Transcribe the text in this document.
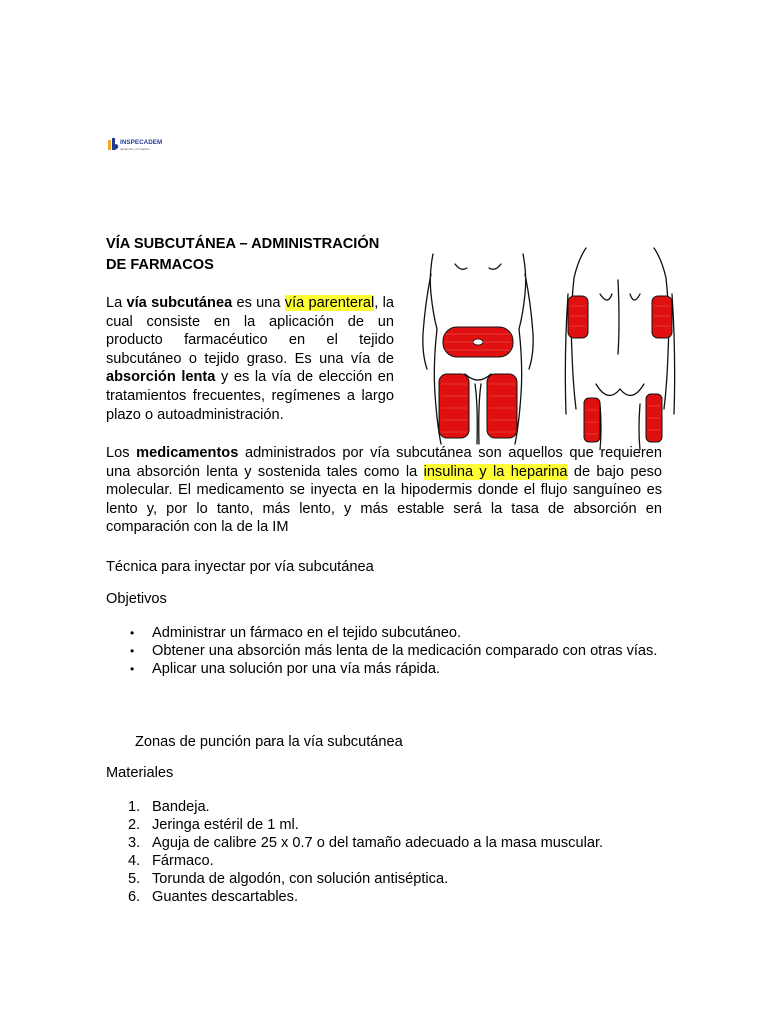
INSPECADEM
desarrollo y formación
VÍA SUBCUTÁNEA – ADMINISTRACIÓN DE FARMACOS
La vía subcutánea es una vía parenteral, la cual consiste en la aplicación de un producto farmacéutico en el tejido subcutáneo o tejido graso. Es una vía de absorción lenta y es la vía de elección en tratamientos frecuentes, regímenes a largo plazo o autoadministración.
Los medicamentos administrados por vía subcutánea son aquellos que requieren una absorción lenta y sostenida tales como la insulina y la heparina de bajo peso molecular. El medicamento se inyecta en la hipodermis donde el flujo sanguíneo es lento y, por lo tanto, más lento, y más estable será la tasa de absorción en comparación con la de la IM
Técnica para inyectar por vía subcutánea
Objetivos
• Administrar un fármaco en el tejido subcutáneo.
• Obtener una absorción más lenta de la medicación comparado con otras vías.
• Aplicar una solución por una vía más rápida.
Zonas de punción para la vía subcutánea
Materiales
1. Bandeja.
2. Jeringa estéril de 1 ml.
3. Aguja de calibre 25 x 0.7 o del tamaño adecuado a la masa muscular.
4. Fármaco.
5. Torunda de algodón, con solución antiséptica.
6. Guantes descartables.
